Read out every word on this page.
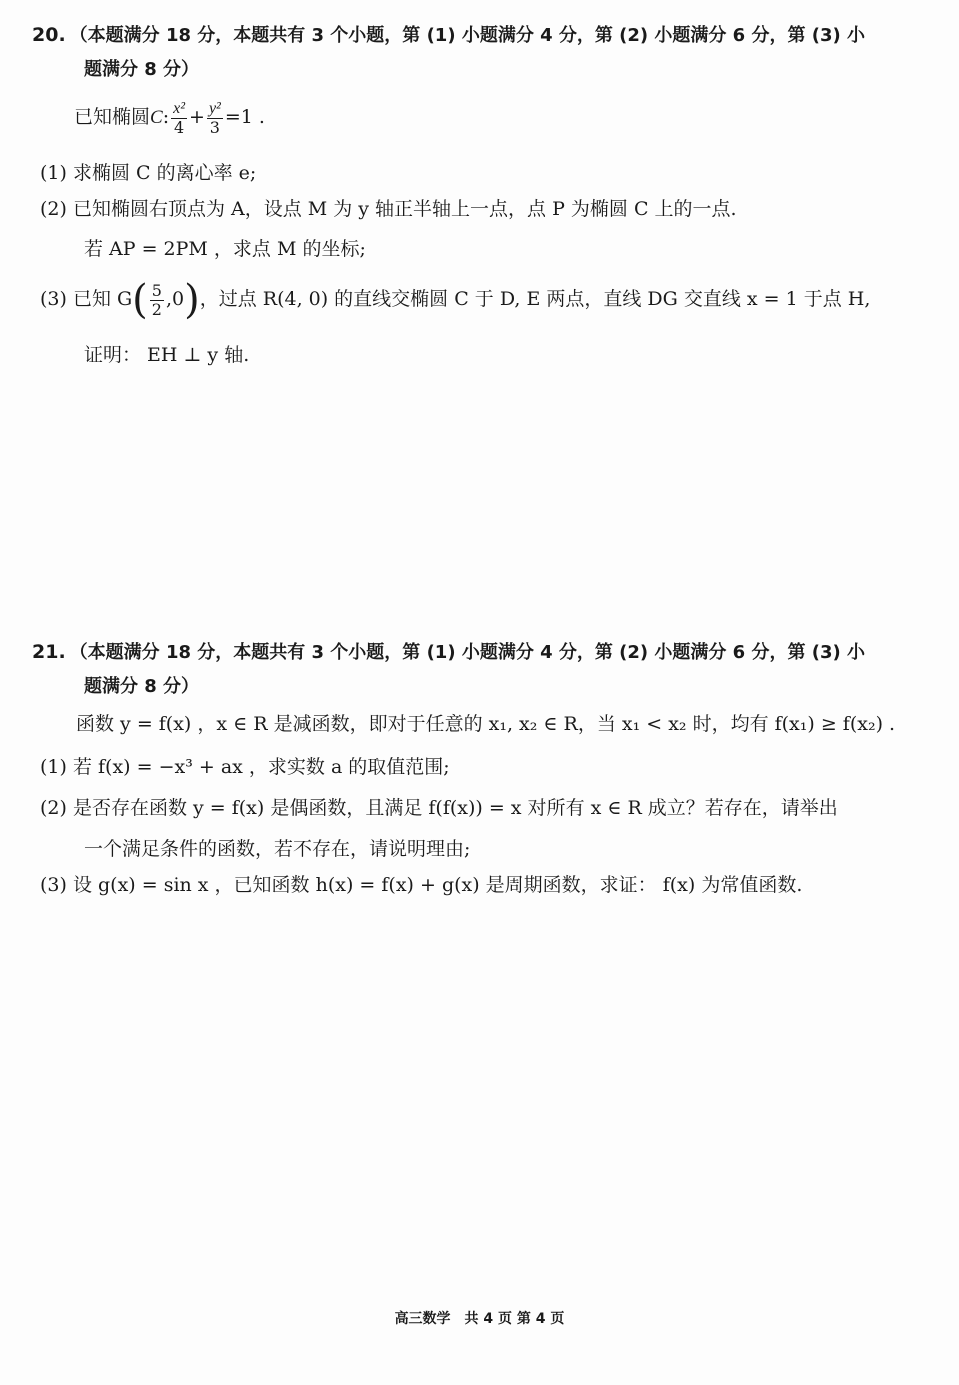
20. （本题满分 18 分，本题共有 3 个小题，第 (1) 小题满分 4 分，第 (2) 小题满分 6 分，第 (3) 小
题满分 8 分）
已知椭圆C: $\frac{\text{x²}}{4} + \frac{\text{y²}}{3} =1$ .
(1) 求椭圆 C 的离心率 e;
(2) 已知椭圆右顶点为 A，设点 M 为 y 轴正半轴上一点，点 P 为椭圆 C 上的一点.
若 AP = 2PM ，求点 M 的坐标;
(3) 已知 $G( \frac{5}{2} ,0)$，过点 R(4, 0) 的直线交椭圆 C 于 D, E 两点，直线 DG 交直线 x = 1 于点 H,
证明： EH ⊥ y 轴.
21. （本题满分 18 分，本题共有 3 个小题，第 (1) 小题满分 4 分，第 (2) 小题满分 6 分，第 (3) 小
题满分 8 分）
函数 y = f(x) ，x ∈ R 是减函数，即对于任意的 x₁, x₂ ∈ R，当 x₁ < x₂ 时，均有 f(x₁) ≥ f(x₂) .
(1) 若 f(x) = −x³ + ax ，求实数 a 的取值范围;
(2) 是否存在函数 y = f(x) 是偶函数，且满足 f(f(x)) = x 对所有 x ∈ R 成立？若存在，请举出
一个满足条件的函数，若不存在，请说明理由;
(3) 设 g(x) = sin x ，已知函数 h(x) = f(x) + g(x) 是周期函数，求证： f(x) 为常值函数.
高三数学　共 4 页 第 4 页
